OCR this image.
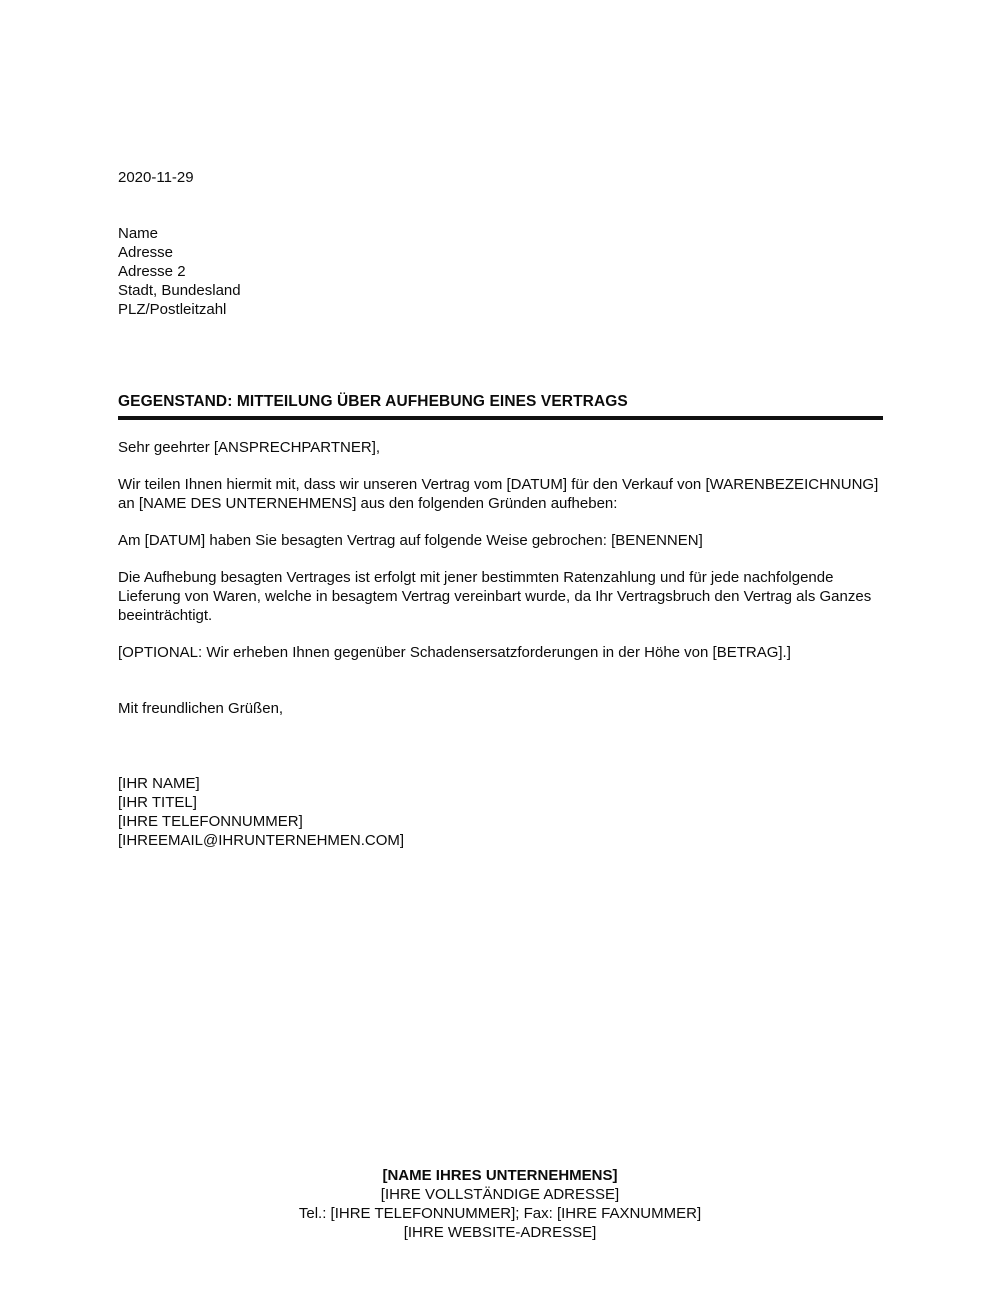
2020-11-29
Name
Adresse
Adresse 2
Stadt, Bundesland
PLZ/Postleitzahl
GEGENSTAND: MITTEILUNG ÜBER AUFHEBUNG EINES VERTRAGS
Sehr geehrter [ANSPRECHPARTNER],

Wir teilen Ihnen hiermit mit, dass wir unseren Vertrag vom [DATUM] für den Verkauf von [WARENBEZEICHNUNG] an [NAME DES UNTERNEHMENS] aus den folgenden Gründen aufheben:

Am [DATUM] haben Sie besagten Vertrag auf folgende Weise gebrochen: [BENENNEN]

Die Aufhebung besagten Vertrages ist erfolgt mit jener bestimmten Ratenzahlung und für jede nachfolgende Lieferung von Waren, welche in besagtem Vertrag vereinbart wurde, da Ihr Vertragsbruch den Vertrag als Ganzes beeinträchtigt.

[OPTIONAL: Wir erheben Ihnen gegenüber Schadensersatzforderungen in der Höhe von [BETRAG].]

Mit freundlichen Grüßen,
[IHR NAME]
[IHR TITEL]
[IHRE TELEFONNUMMER]
[IHREEMAIL@IHRUNTERNEHMEN.COM]
[NAME IHRES UNTERNEHMENS]
[IHRE VOLLSTÄNDIGE ADRESSE]
Tel.: [IHRE TELEFONNUMMER]; Fax: [IHRE FAXNUMMER]
[IHRE WEBSITE-ADRESSE]
